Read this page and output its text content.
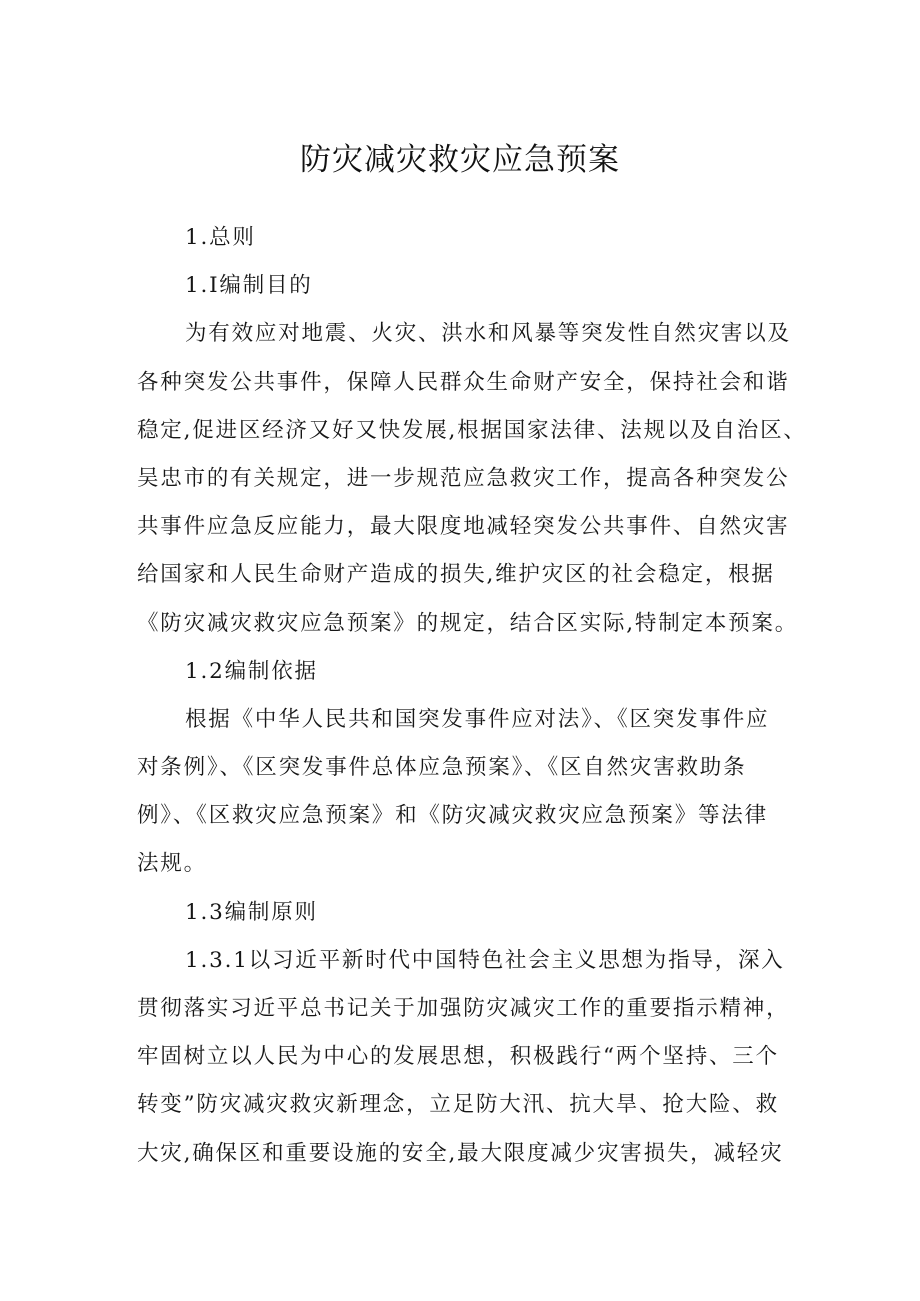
防灾减灾救灾应急预案
1.总则
1.I编制目的
为有效应对地震、火灾、洪水和风暴等突发性自然灾害以及
各种突发公共事件，保障人民群众生命财产安全，保持社会和谐
稳定,促进区经济又好又快发展,根据国家法律、法规以及自治区、
吴忠市的有关规定，进一步规范应急救灾工作，提高各种突发公
共事件应急反应能力，最大限度地减轻突发公共事件、自然灾害
给国家和人民生命财产造成的损失,维护灾区的社会稳定，根据
《防灾减灾救灾应急预案》的规定，结合区实际,特制定本预案。
1.2编制依据
根据《中华人民共和国突发事件应对法》、《区突发事件应
对条例》、《区突发事件总体应急预案》、《区自然灾害救助条
例》、《区救灾应急预案》和《防灾减灾救灾应急预案》等法律
法规。
1.3编制原则
1.3.1以习近平新时代中国特色社会主义思想为指导，深入
贯彻落实习近平总书记关于加强防灾减灾工作的重要指示精神，
牢固树立以人民为中心的发展思想，积极践行“两个坚持、三个
转变”防灾减灾救灾新理念，立足防大汛、抗大旱、抢大险、救
大灾,确保区和重要设施的安全,最大限度减少灾害损失，减轻灾
